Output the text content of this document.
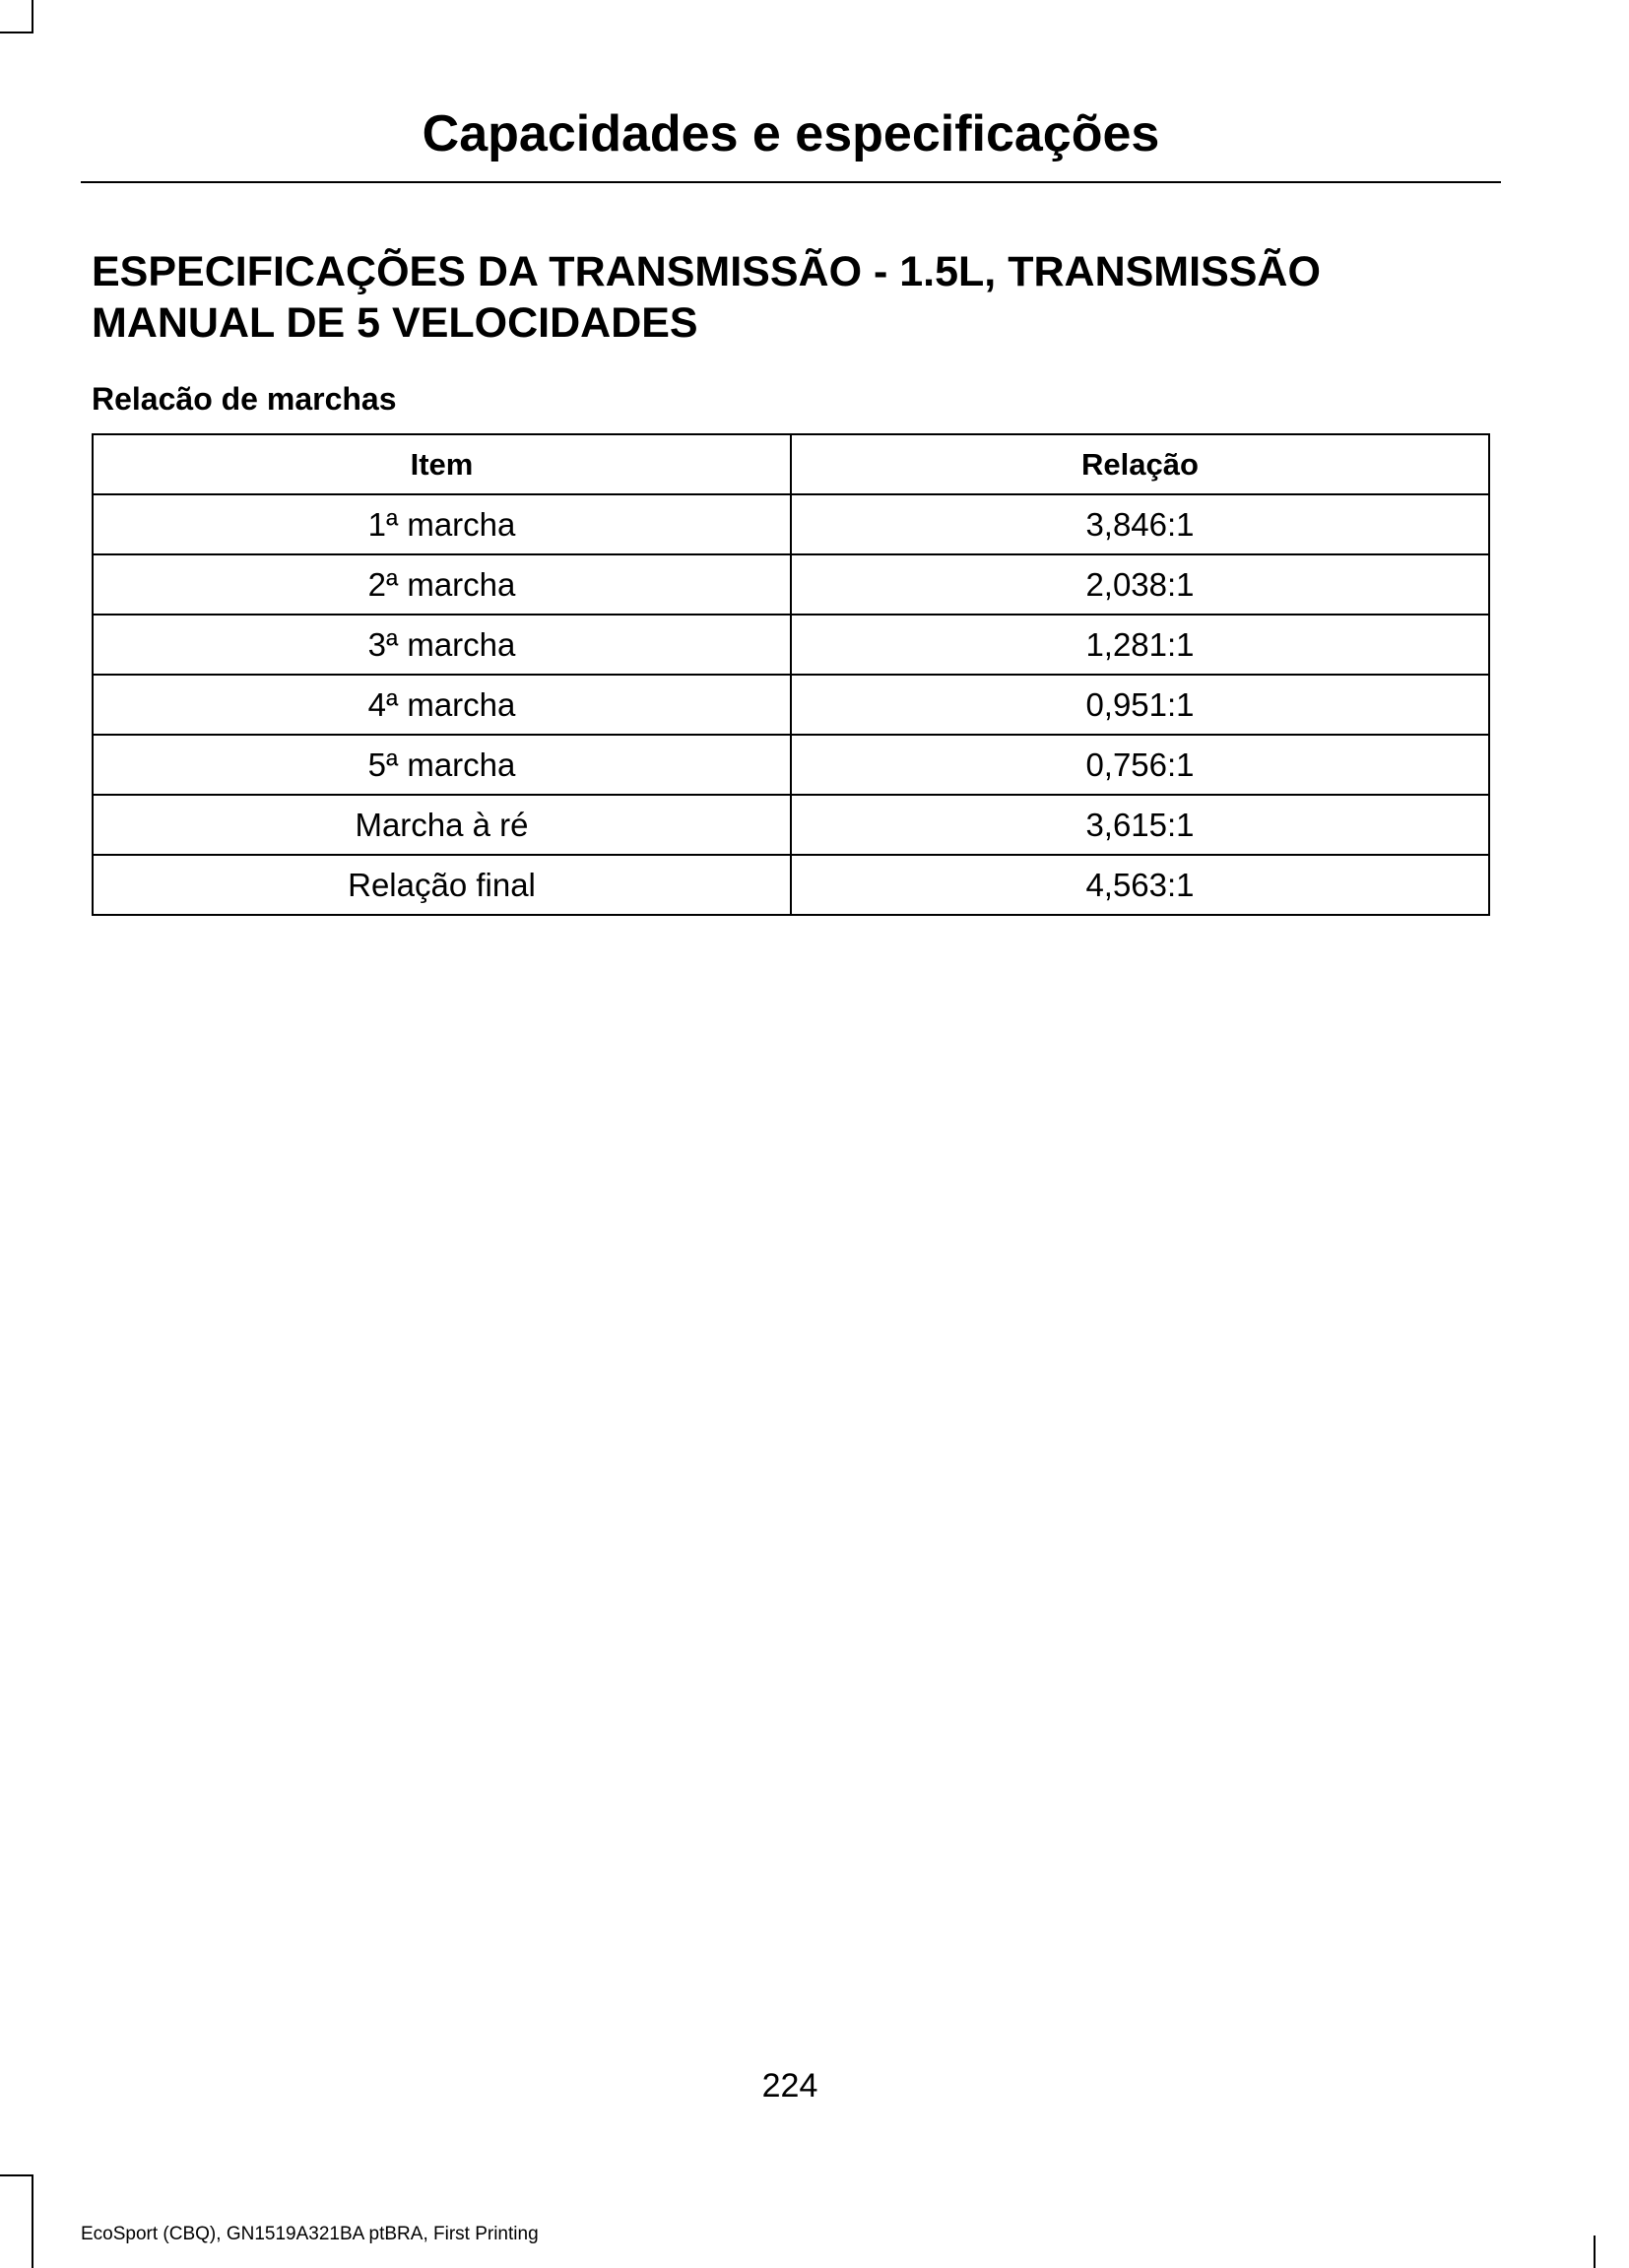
Capacidades e especificações
ESPECIFICAÇÕES DA TRANSMISSÃO - 1.5L, TRANSMISSÃO
MANUAL DE 5 VELOCIDADES
Relacão de marchas
Item	Relação
1ª marcha	3,846:1
2ª marcha	2,038:1
3ª marcha	1,281:1
4ª marcha	0,951:1
5ª marcha	0,756:1
Marcha à ré	3,615:1
Relação final	4,563:1
224
EcoSport (CBQ), GN1519A321BA ptBRA, First Printing
